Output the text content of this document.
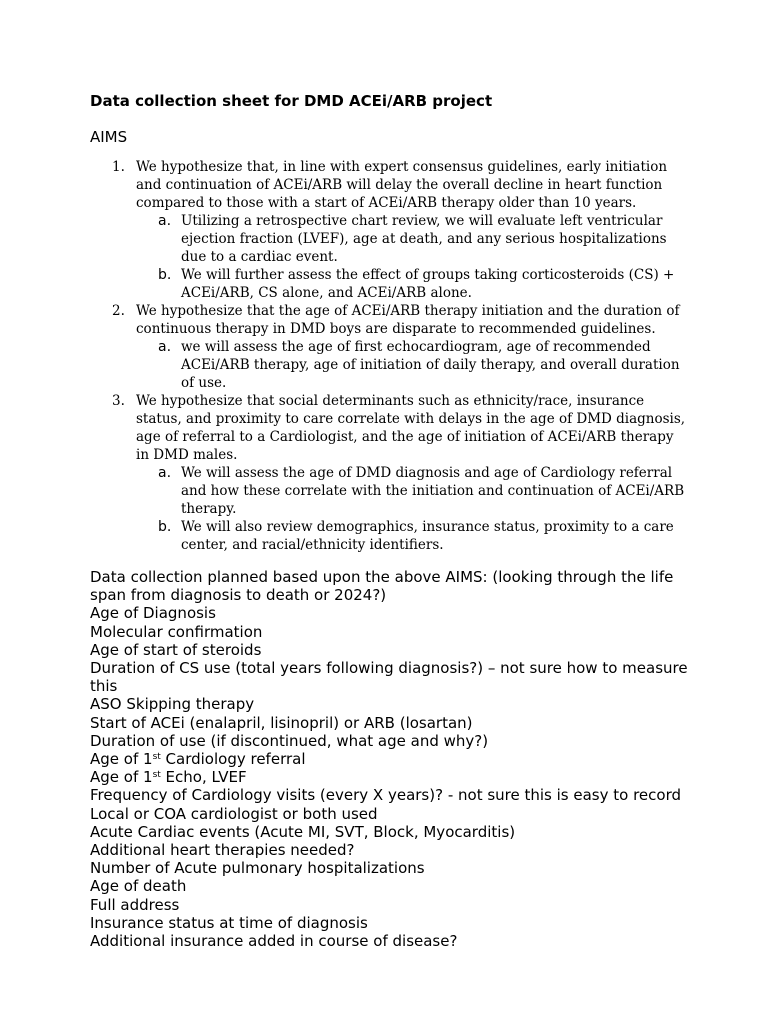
Data collection sheet for DMD ACEi/ARB project
AIMS
1. We hypothesize that, in line with expert consensus guidelines, early initiation and continuation of ACEi/ARB will delay the overall decline in heart function compared to those with a start of ACEi/ARB therapy older than 10 years.
a. Utilizing a retrospective chart review, we will evaluate left ventricular ejection fraction (LVEF), age at death, and any serious hospitalizations due to a cardiac event.
b. We will further assess the effect of groups taking corticosteroids (CS) + ACEi/ARB, CS alone, and ACEi/ARB alone.
2. We hypothesize that the age of ACEi/ARB therapy initiation and the duration of continuous therapy in DMD boys are disparate to recommended guidelines.
a. we will assess the age of first echocardiogram, age of recommended ACEi/ARB therapy, age of initiation of daily therapy, and overall duration of use.
3. We hypothesize that social determinants such as ethnicity/race, insurance status, and proximity to care correlate with delays in the age of DMD diagnosis, age of referral to a Cardiologist, and the age of initiation of ACEi/ARB therapy in DMD males.
a. We will assess the age of DMD diagnosis and age of Cardiology referral and how these correlate with the initiation and continuation of ACEi/ARB therapy.
b. We will also review demographics, insurance status, proximity to a care center, and racial/ethnicity identifiers.
Data collection planned based upon the above AIMS: (looking through the life span from diagnosis to death or 2024?)
Age of Diagnosis
Molecular confirmation
Age of start of steroids
Duration of CS use (total years following diagnosis?) – not sure how to measure this
ASO Skipping therapy
Start of ACEi (enalapril, lisinopril) or ARB (losartan)
Duration of use (if discontinued, what age and why?)
Age of 1st Cardiology referral
Age of 1st Echo, LVEF
Frequency of Cardiology visits (every X years)? - not sure this is easy to record
Local or COA cardiologist or both used
Acute Cardiac events (Acute MI, SVT, Block, Myocarditis)
Additional heart therapies needed?
Number of Acute pulmonary hospitalizations
Age of death
Full address
Insurance status at time of diagnosis
Additional insurance added in course of disease?
